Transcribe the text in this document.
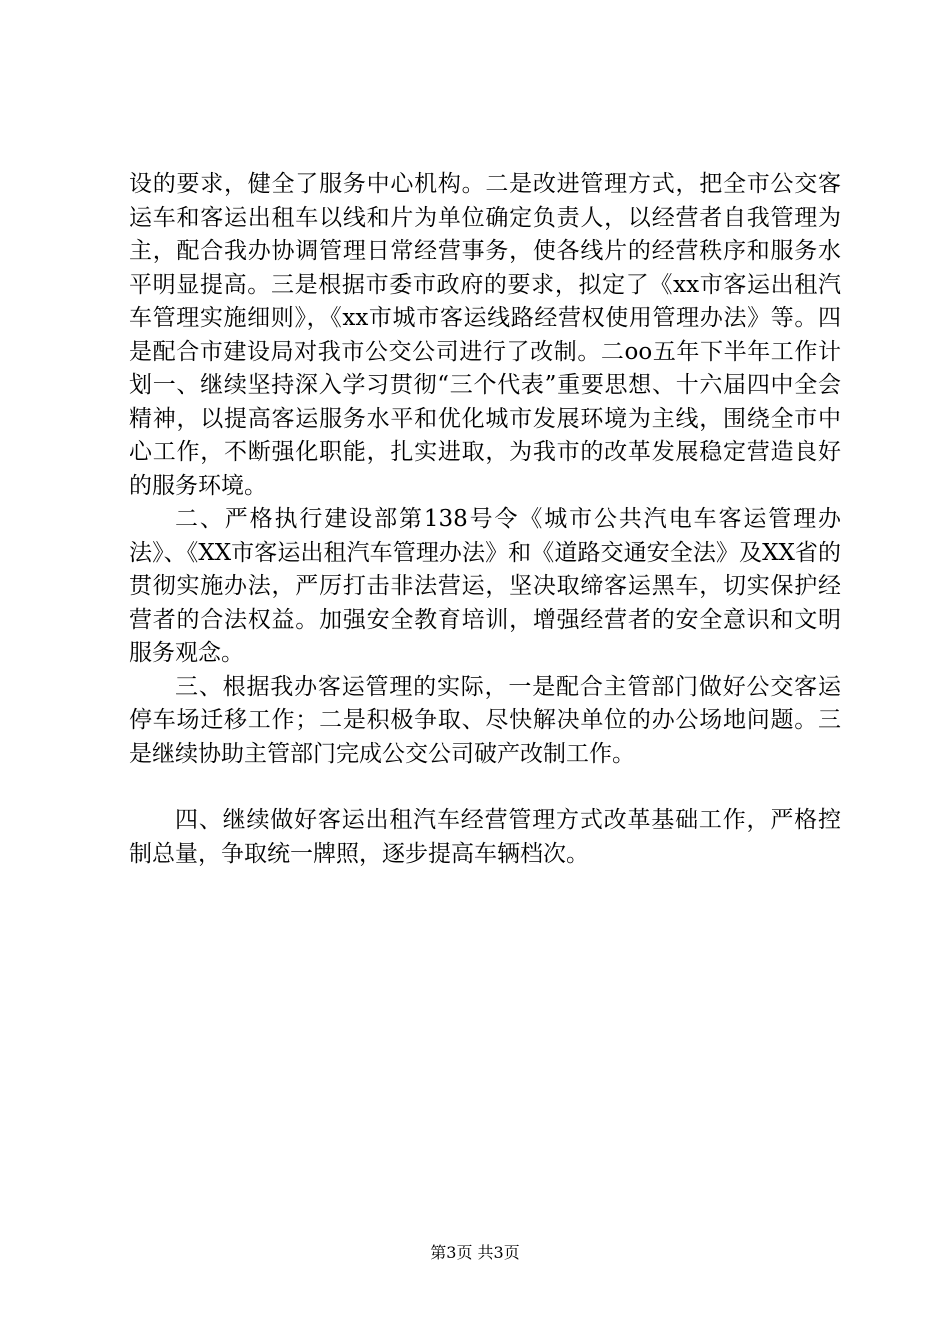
设的要求，健全了服务中心机构。二是改进管理方式，把全市公交客运车和客运出租车以线和片为单位确定负责人，以经营者自我管理为主，配合我办协调管理日常经营事务，使各线片的经营秩序和服务水平明显提高。三是根据市委市政府的要求，拟定了《xx市客运出租汽车管理实施细则》，《xx市城市客运线路经营权使用管理办法》等。四是配合市建设局对我市公交公司进行了改制。二oo五年下半年工作计划一、继续坚持深入学习贯彻“三个代表”重要思想、十六届四中全会精神，以提高客运服务水平和优化城市发展环境为主线，围绕全市中心工作，不断强化职能，扎实进取，为我市的改革发展稳定营造良好的服务环境。

二、严格执行建设部第138号令《城市公共汽电车客运管理办法》、《XX市客运出租汽车管理办法》和《道路交通安全法》及XX省的贯彻实施办法，严厉打击非法营运，坚决取缔客运黑车，切实保护经营者的合法权益。加强安全教育培训，增强经营者的安全意识和文明服务观念。

三、根据我办客运管理的实际，一是配合主管部门做好公交客运停车场迁移工作；二是积极争取、尽快解决单位的办公场地问题。三是继续协助主管部门完成公交公司破产改制工作。

四、继续做好客运出租汽车经营管理方式改革基础工作，严格控制总量，争取统一牌照，逐步提高车辆档次。

第3页 共3页
